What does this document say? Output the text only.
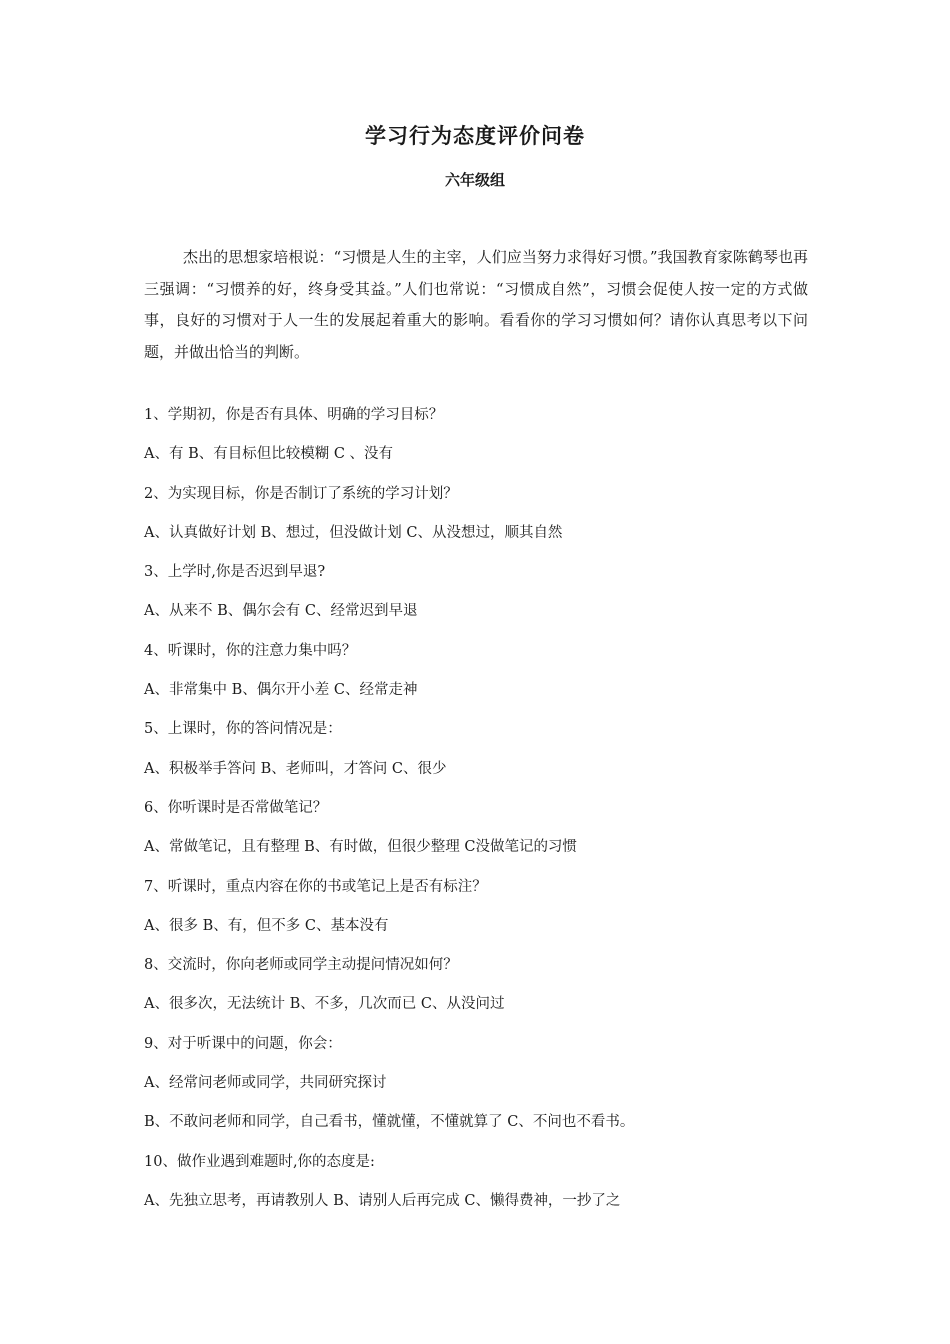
学习行为态度评价问卷
六年级组

杰出的思想家培根说：“习惯是人生的主宰，人们应当努力求得好习惯。”我国教育家陈鹤琴也再三强调：“习惯养的好，终身受其益。”人们也常说：“习惯成自然”，习惯会促使人按一定的方式做事，良好的习惯对于人一生的发展起着重大的影响。看看你的学习习惯如何？请你认真思考以下问题，并做出恰当的判断。

1、学期初，你是否有具体、明确的学习目标？
A、有 B、有目标但比较模糊 C 、没有
2、为实现目标，你是否制订了系统的学习计划？
A、认真做好计划 B、想过，但没做计划 C、从没想过，顺其自然
3、上学时,你是否迟到早退?
A、从来不 B、偶尔会有 C、经常迟到早退
4、听课时，你的注意力集中吗？
A、非常集中 B、偶尔开小差 C、经常走神
5、上课时，你的答问情况是：
A、积极举手答问 B、老师叫，才答问 C、很少
6、你听课时是否常做笔记？
A、常做笔记，且有整理 B、有时做，但很少整理 C没做笔记的习惯
7、听课时，重点内容在你的书或笔记上是否有标注？
A、很多 B、有，但不多 C、基本没有
8、交流时，你向老师或同学主动提问情况如何？
A、很多次，无法统计 B、不多，几次而已 C、从没问过
9、对于听课中的问题，你会：
A、经常问老师或同学，共同研究探讨
B、不敢问老师和同学，自己看书，懂就懂，不懂就算了 C、不问也不看书。
10、做作业遇到难题时,你的态度是:
A、先独立思考，再请教别人 B、请别人后再完成 C、懒得费神，一抄了之
